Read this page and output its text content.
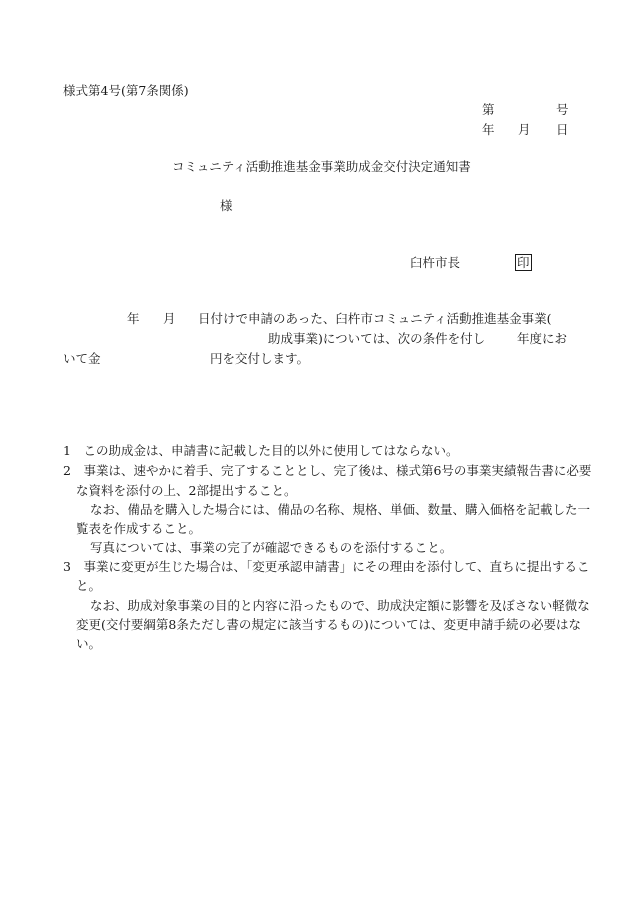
様式第4号(第7条関係)
第	号
年 月 日
コミュニティ活動推進基金事業助成金交付決定通知書
様
臼杵市長	印
年 月 日付けで申請のあった、臼杵市コミュニティ活動推進基金事業(
助成事業)については、次の条件を付し	年度にお
いて金	円を交付します。
1　この助成金は、申請書に記載した目的以外に使用してはならない。
2　事業は、速やかに着手、完了することとし、完了後は、様式第6号の事業実績報告書に必要
な資料を添付の上、2部提出すること。
なお、備品を購入した場合には、備品の名称、規格、単価、数量、購入価格を記載した一
覧表を作成すること。
写真については、事業の完了が確認できるものを添付すること。
3　事業に変更が生じた場合は、「変更承認申請書」にその理由を添付して、直ちに提出するこ
と。
なお、助成対象事業の目的と内容に沿ったもので、助成決定額に影響を及ぼさない軽微な
変更(交付要綱第8条ただし書の規定に該当するもの)については、変更申請手続の必要はな
い。
